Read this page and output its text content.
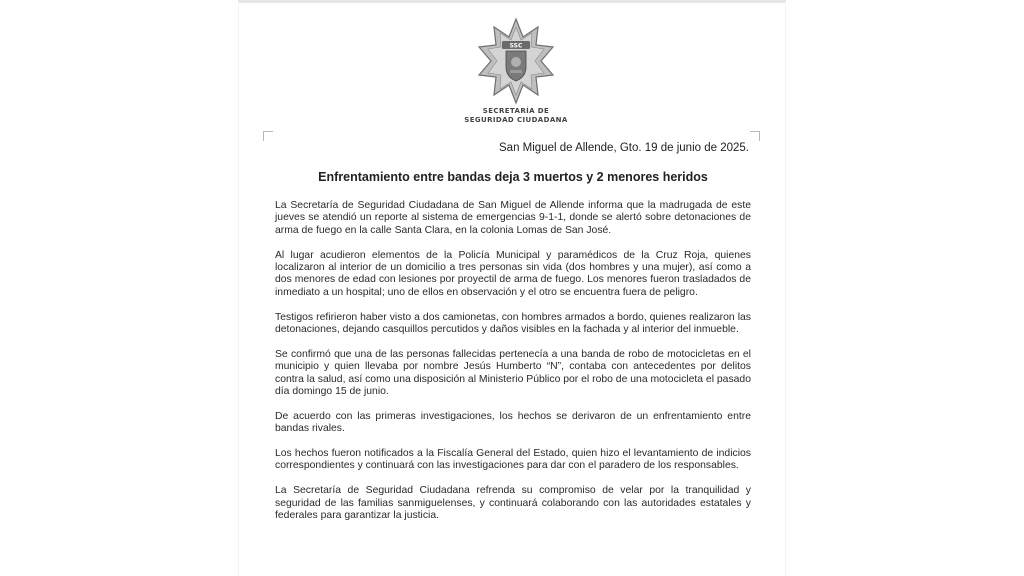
SSC
SECRETARÍA DE
SEGURIDAD CIUDADANA
San Miguel de Allende, Gto. 19 de junio de 2025.
Enfrentamiento entre bandas deja 3 muertos y 2 menores heridos

La Secretaría de Seguridad Ciudadana de San Miguel de Allende informa que la madrugada de este jueves se atendió un reporte al sistema de emergencias 9-1-1, donde se alertó sobre detonaciones de arma de fuego en la calle Santa Clara, en la colonia Lomas de San José.

Al lugar acudieron elementos de la Policía Municipal y paramédicos de la Cruz Roja, quienes localizaron al interior de un domicilio a tres personas sin vida (dos hombres y una mujer), así como a dos menores de edad con lesiones por proyectil de arma de fuego. Los menores fueron trasladados de inmediato a un hospital; uno de ellos en observación y el otro se encuentra fuera de peligro.

Testigos refirieron haber visto a dos camionetas, con hombres armados a bordo, quienes realizaron las detonaciones, dejando casquillos percutidos y daños visibles en la fachada y al interior del inmueble.

Se confirmó que una de las personas fallecidas pertenecía a una banda de robo de motocicletas en el municipio y quien llevaba por nombre Jesús Humberto “N”, contaba con antecedentes por delitos contra la salud, así como una disposición al Ministerio Público por el robo de una motocicleta el pasado día domingo 15 de junio.

De acuerdo con las primeras investigaciones, los hechos se derivaron de un enfrentamiento entre bandas rivales.

Los hechos fueron notificados a la Fiscalía General del Estado, quien hizo el levantamiento de indicios correspondientes y continuará con las investigaciones para dar con el paradero de los responsables.

La Secretaría de Seguridad Ciudadana refrenda su compromiso de velar por la tranquilidad y seguridad de las familias sanmiguelenses, y continuará colaborando con las autoridades estatales y federales para garantizar la justicia.
